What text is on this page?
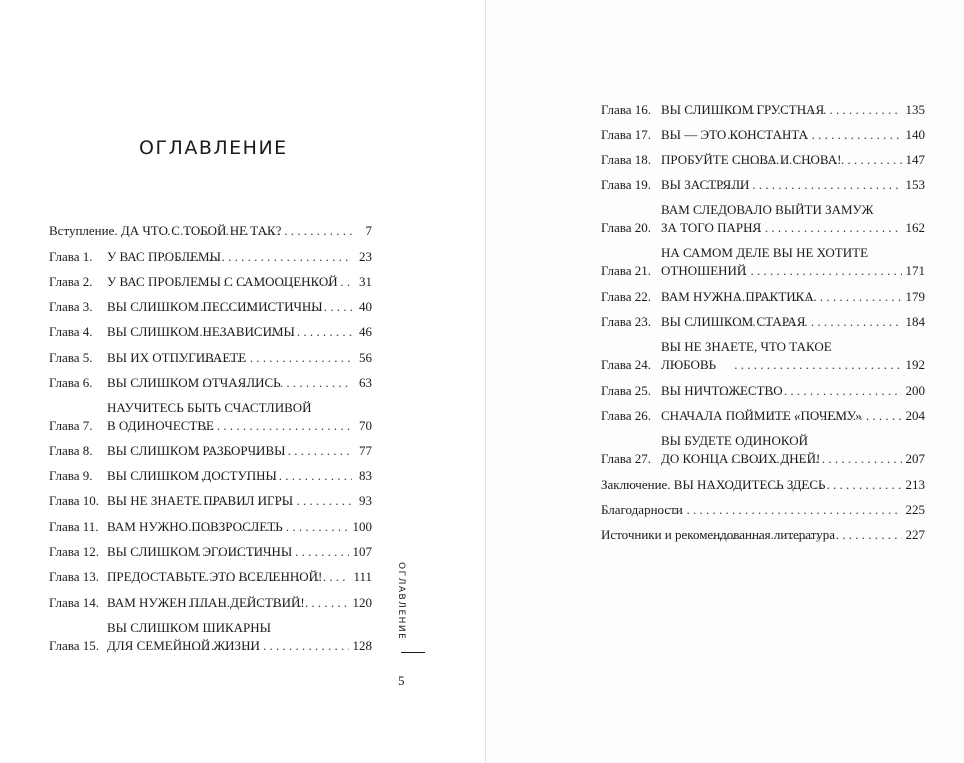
ОГЛАВЛЕНИЕ
Вступление. ДА ЧТО С ТОБОЙ НЕ ТАК? . . .	7
Глава 1.	У ВАС ПРОБЛЕМЫ . . .	23
Глава 2.	У ВАС ПРОБЛЕМЫ С САМООЦЕНКОЙ . . . 31
Глава 3.	ВЫ СЛИШКОМ ПЕССИМИСТИЧНЫ . . .	40
Глава 4.	ВЫ СЛИШКОМ НЕЗАВИСИМЫ . . .	46
Глава 5.	ВЫ ИХ ОТПУГИВАЕТЕ . . .	56
Глава 6.	ВЫ СЛИШКОМ ОТЧАЯЛИСЬ . . .	63
Глава 7.
НАУЧИТЕСЬ БЫТЬ СЧАСТЛИВОЙ
В ОДИНОЧЕСТВЕ . . .	70
Глава 8.	ВЫ СЛИШКОМ РАЗБОРЧИВЫ . . .	77
Глава 9.	ВЫ СЛИШКОМ ДОСТУПНЫ . . .	83
Глава 10. ВЫ НЕ ЗНАЕТЕ ПРАВИЛ ИГРЫ . . .	93
Глава 11. ВАМ НУЖНО ПОВЗРОСЛЕТЬ . . .	100
Глава 12. ВЫ СЛИШКОМ ЭГОИСТИЧНЫ . . .	107
Глава 13. ПРЕДОСТАВЬТЕ ЭТО ВСЕЛЕННОЙ! . . . 111
Глава 14. ВАМ НУЖЕН ПЛАН ДЕЙСТВИЙ! . . .	120
Глава 15.
ВЫ СЛИШКОМ ШИКАРНЫ
ДЛЯ СЕМЕЙНОЙ ЖИЗНИ . . .	128
Глава 16. ВЫ СЛИШКОМ ГРУСТНАЯ . . .	135
Глава 17. ВЫ — ЭТО КОНСТАНТА . . .	140
Глава 18. ПРОБУЙТЕ СНОВА И СНОВА! . . .	147
Глава 19. ВЫ ЗАСТРЯЛИ . . .	153
Глава 20.
ВАМ СЛЕДОВАЛО ВЫЙТИ ЗАМУЖ
ЗА ТОГО ПАРНЯ . . .	162
Глава 21.
НА САМОМ ДЕЛЕ ВЫ НЕ ХОТИТЕ
ОТНОШЕНИЙ . . .	171
Глава 22. ВАМ НУЖНА ПРАКТИКА . . .	179
Глава 23. ВЫ СЛИШКОМ СТАРАЯ . . .	184
Глава 24.
ВЫ НЕ ЗНАЕТЕ, ЧТО ТАКОЕ
ЛЮБОВЬ . . .	192
Глава 25. ВЫ НИЧТОЖЕСТВО . . .	200
Глава 26. СНАЧАЛА ПОЙМИТЕ «ПОЧЕМУ» . . .	204
Глава 27.
ВЫ БУДЕТЕ ОДИНОКОЙ
ДО КОНЦА СВОИХ ДНЕЙ! . . .	207
Заключение. ВЫ НАХОДИТЕСЬ ЗДЕСЬ . . .	213
Благодарности . . .	225
Источники и рекомендованная литература . . .	227
ОГЛАВЛЕНИЕ
5
